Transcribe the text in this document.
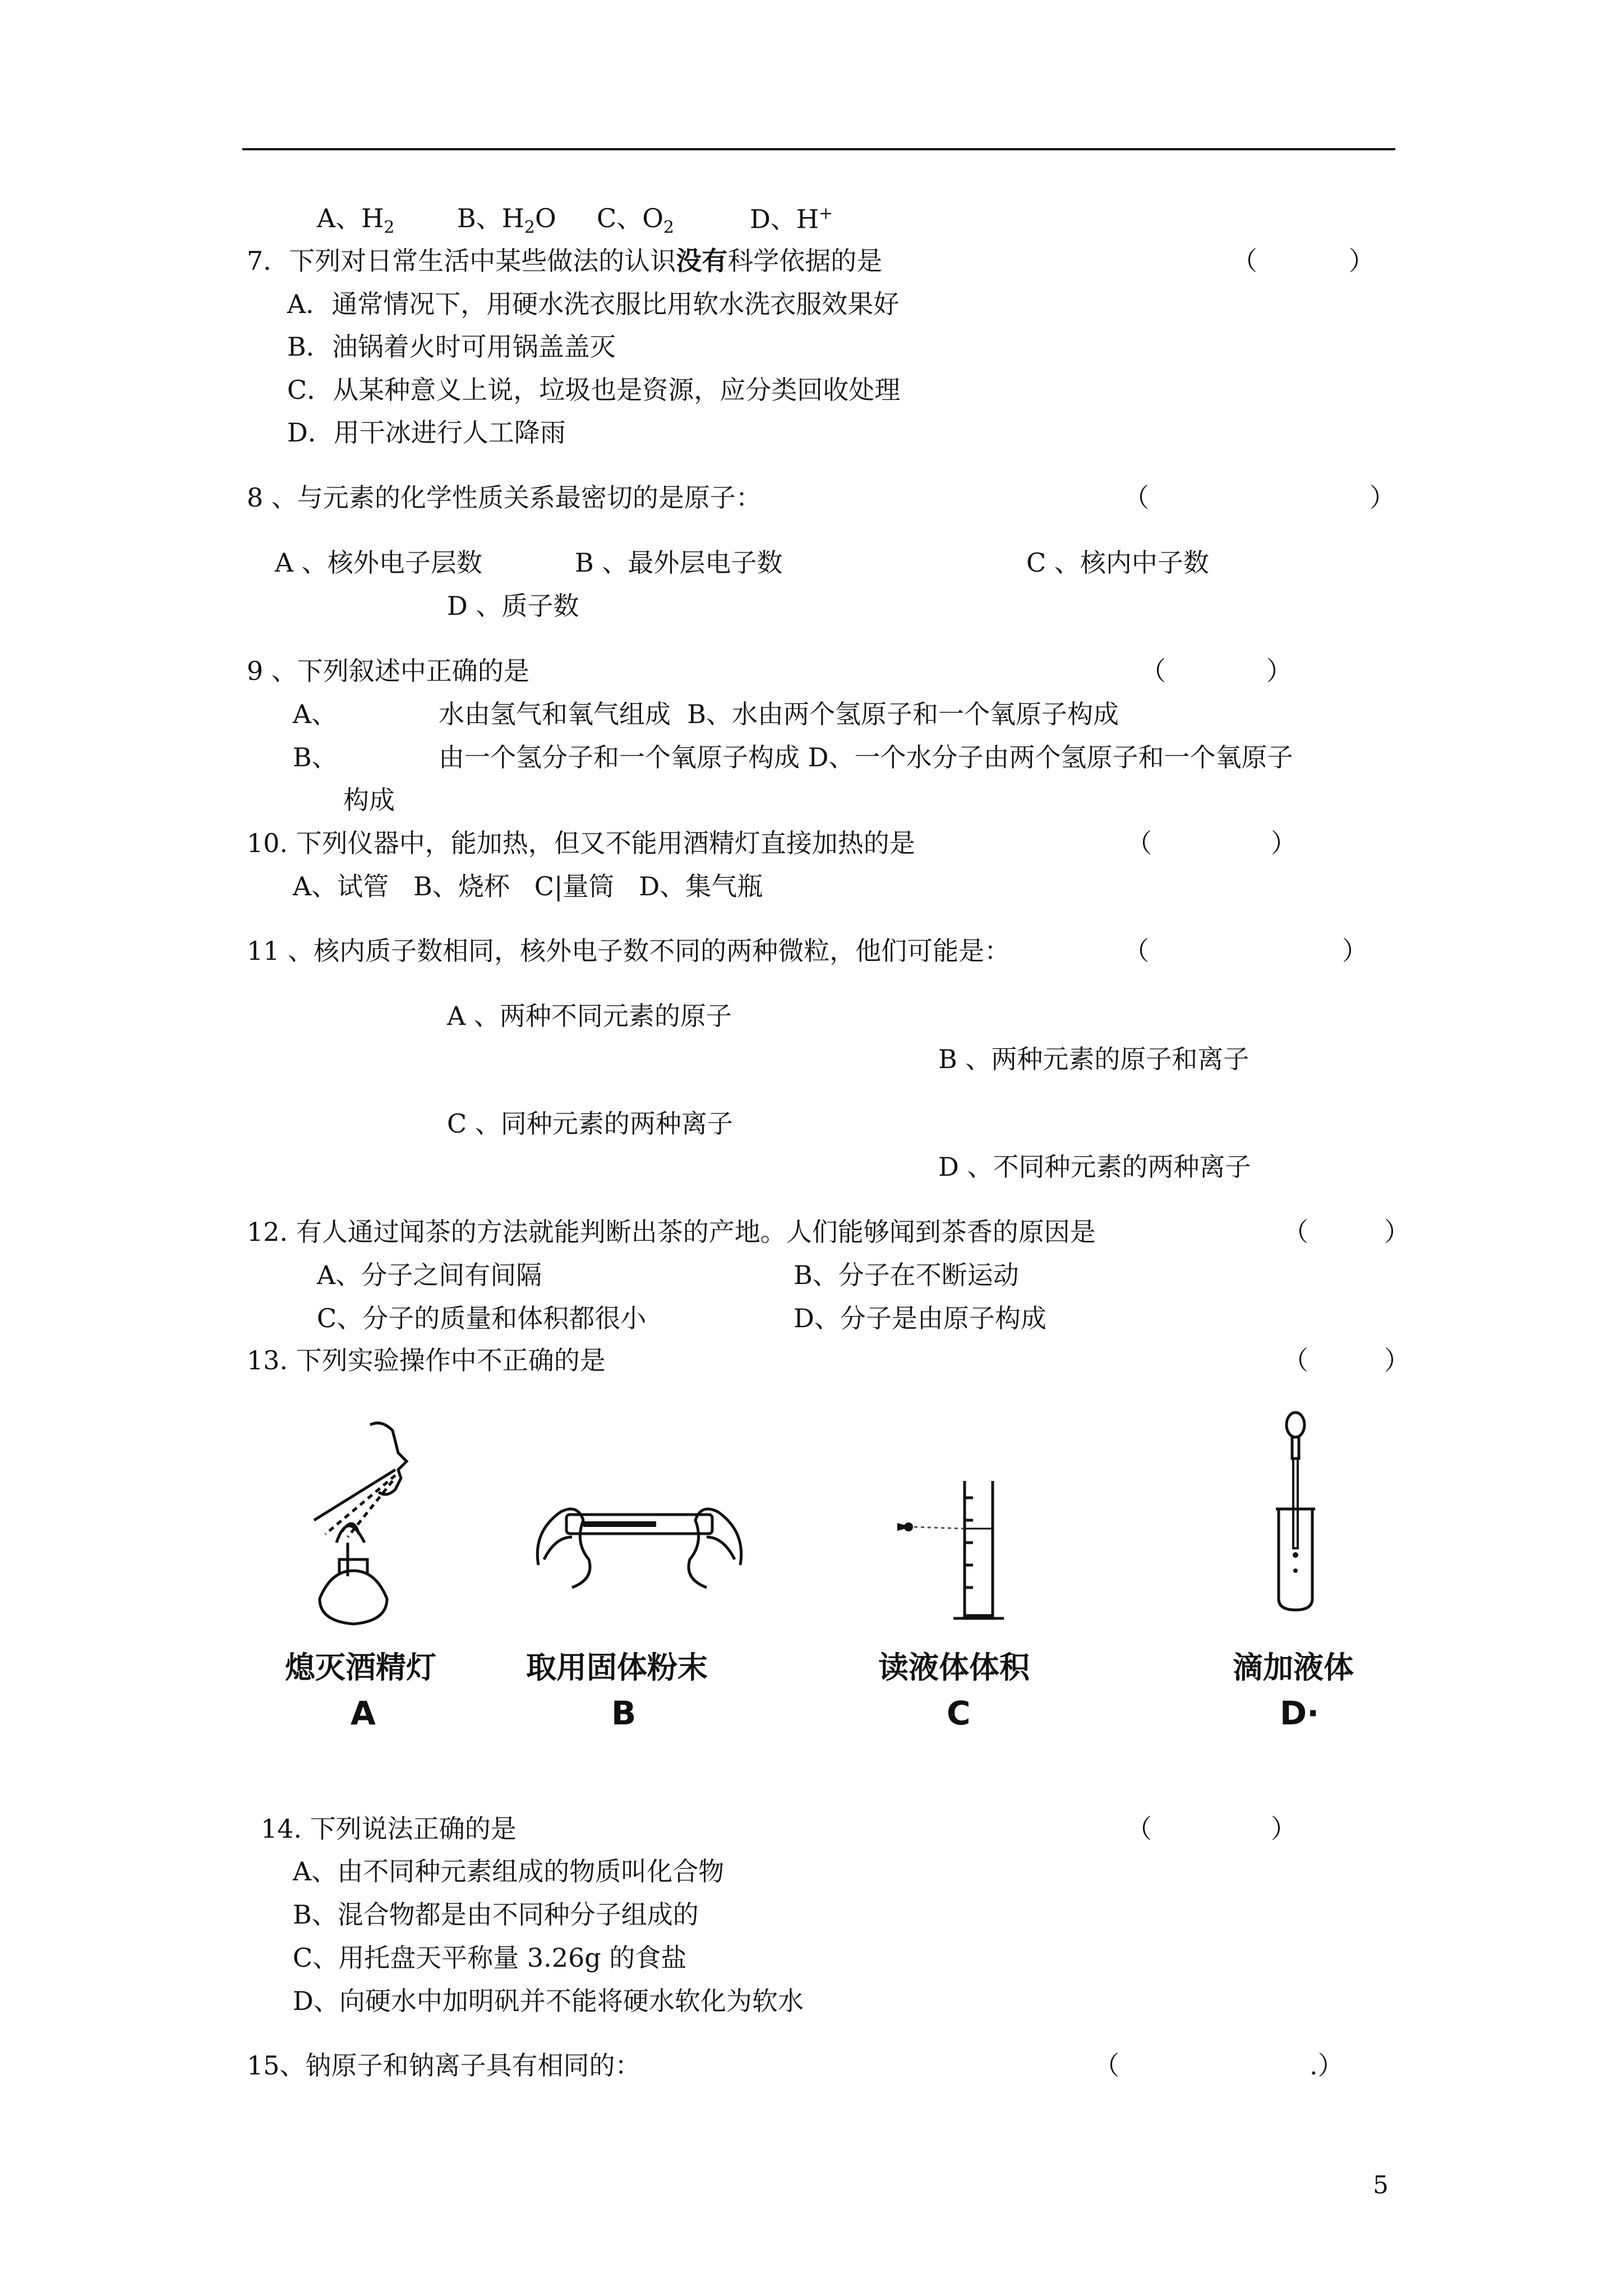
A、$H_2$ B、$H_2O$ C、$O_2$	D、H+
7．下列对日常生活中某些做法的认识没有科学依据的是	（	）
A．通常情况下，用硬水洗衣服比用软水洗衣服效果好
B．油锅着火时可用锅盖盖灭
C．从某种意义上说，垃圾也是资源，应分类回收处理
D．用干冰进行人工降雨
8 、与元素的化学性质关系最密切的是原子：	（	）
A 、核外电子层数	B 、最外层电子数	C 、核内中子数
D 、质子数
9 、下列叙述中正确的是	（	）
A、	水由氢气和氧气组成  B、水由两个氢原子和一个氧原子构成
B、	由一个氢分子和一个氧原子构成 D、一个水分子由两个氢原子和一个氧原子
构成
10. 下列仪器中，能加热，但又不能用酒精灯直接加热的是	（	）
A、试管   B、烧杯   C|量筒   D、集气瓶
11 、核内质子数相同，核外电子数不同的两种微粒，他们可能是：	（	）
A 、两种不同元素的原子
B 、两种元素的原子和离子
C 、同种元素的两种离子
D 、不同种元素的两种离子
12. 有人通过闻茶的方法就能判断出茶的产地。人们能够闻到茶香的原因是	（	）
A、分子之间有间隔	B、分子在不断运动
C、分子的质量和体积都很小	D、分子是由原子构成
13. 下列实验操作中不正确的是	（	）
熄灭酒精灯
A
取用固体粉末
B
读液体体积
C
滴加液体
D·
14. 下列说法正确的是	（	）
A、由不同种元素组成的物质叫化合物
B、混合物都是由不同种分子组成的
C、用托盘天平称量 3.26g 的食盐
D、向硬水中加明矾并不能将硬水软化为软水
15、钠原子和钠离子具有相同的：	（	.）
5
